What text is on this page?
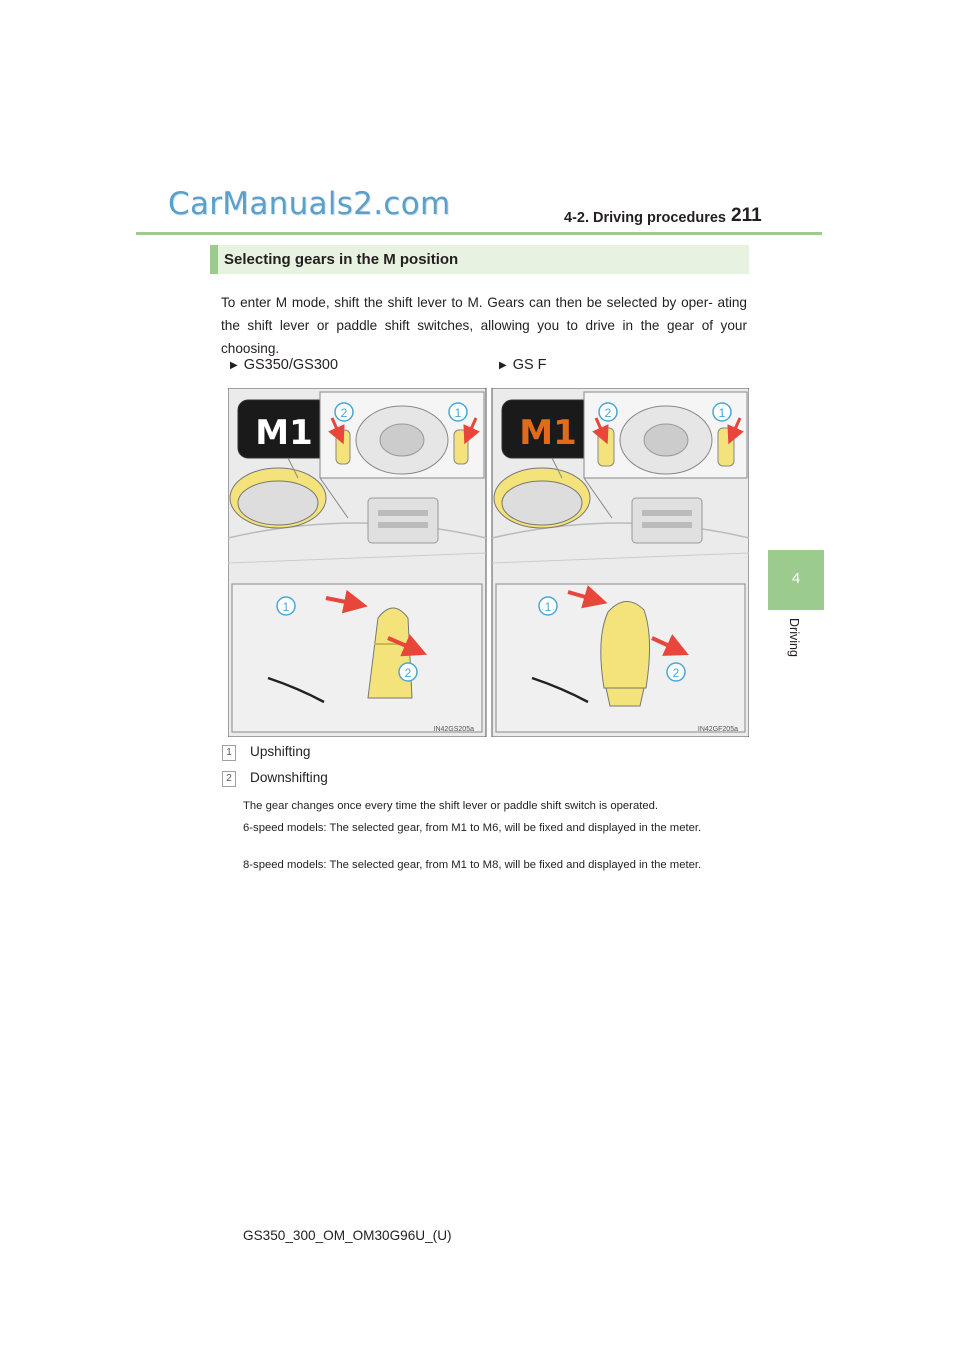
CarManuals2.com	4-2. Driving procedures 211
4
Driving
Selecting gears in the M position
To enter M mode, shift the shift lever to M. Gears can then be selected by oper- ating the shift lever or paddle shift switches, allowing you to drive in the gear of your choosing.
▶ GS350/GS300	▶ GS F
M1 2	1
1
2
IN42GS205a
M1 2	1
1
2
IN42GF205a
1 Upshifting
2 Downshifting
The gear changes once every time the shift lever or paddle shift switch is operated.
6-speed models: The selected gear, from M1 to M6, will be fixed and displayed in the meter.
8-speed models: The selected gear, from M1 to M8, will be fixed and displayed in the meter.
GS350_300_OM_OM30G96U_(U)
